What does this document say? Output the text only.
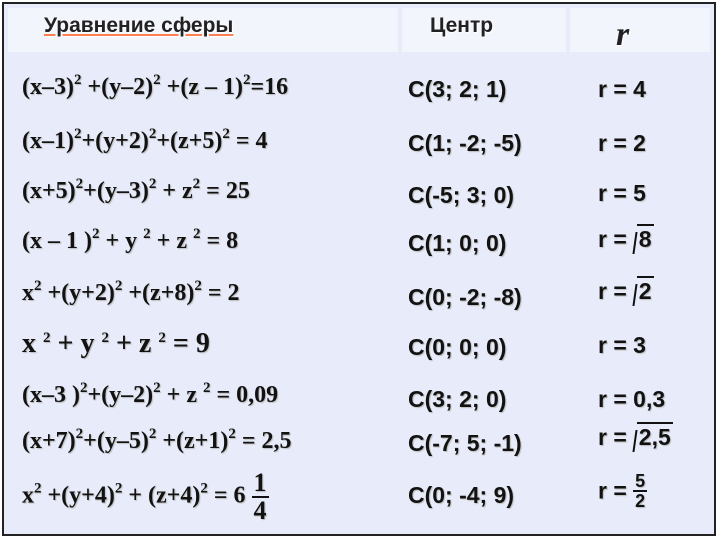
Уравнение сферы	Центр	r
$(x-3)^2 +(y-2)^2 +(z - 1)^2=16$	C(3; 2; 1)	r = 4
$(x-1)^2+(y+2)^2+(z+5)^2 = 4$	C(1; -2; -5)	r = 2
$(x+5)^2+(y-3)^2 + z^2 = 25$	C(-5; 3; 0)	r = 5
(x – 1 )$^2$ + y $^2$ + z $^2$ = 8	C(1; 0; 0)	r = 8
$x^2 +(y+2)^2 +(z+8)^2 = 2$	C(0; -2; -8)	r = 2
x $^2$ + y $^2$ + z $^2$ = 9	C(0; 0; 0)	r = 3
(x–3 )$^2+(y-2)^2 + z$ $^2$ = 0,09	C(3; 2; 0)	r = 0,3
$(x+7)^2+(y-5)^2 +(z+1)^2 = 2,5$	C(-7; 5; -1)	r = 2,5
$x^2 +(y+4)^2 + (z+4)^2 = 6 \frac{1}{4}$	C(0; -4; 9)	$r = \frac{5}{2}$
